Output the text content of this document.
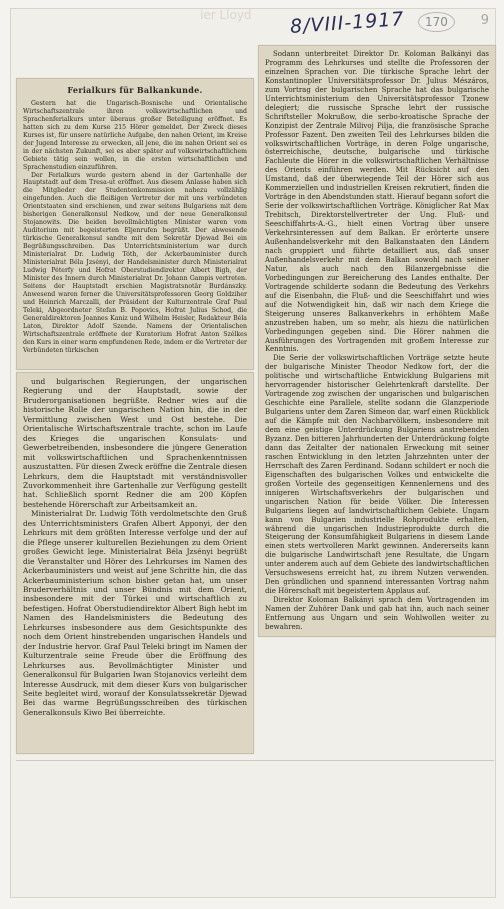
9
ier Lloyd 8/VIII-1917	170
Ferialkurs für Balkankunde.

Gestern hat die Ungarisch-Bosnische und Orientalische Wirtschaftszentrale ihren volkswirtschaftlichen und Sprachenferialkurs unter überaus großer Beteiligung eröffnet. Es hatten sich zu dem Kurse 215 Hörer gemeldet. Der Zweck dieses Kurses ist, für unsere natürliche Aufgabe, den nahen Orient, im Kreise der Jugend Interesse zu erwecken, all jene, die im nahen Orient sei es in der nächsten Zukunft, sei es aber später auf volkswirtschaftlichem Gebiete tätig sein wollen, in die ersten wirtschaftlichen und Sprachenstudien einzuführen.

Der Ferialkurs wurde gestern abend in der Gartenhalle der Hauptstadt auf dem Tresa-ut eröffnet. Aus diesem Anlasse haben sich die Mitglieder der Studentenkommission nahezu vollzählig eingefunden. Auch die fleißigen Vertreter der mit uns verbündeten Orientstaaten sind erschienen, und zwar seitens Bulgariens mit dem bisherigen Generalkonsul Nedkow, und der neue Generalkonsul Stojanowits. Die beiden bevollmächtigten Minister waren vom Auditorium mit begeisterten Eljenrufen begrüßt. Der abwesende türkische Generalkonsul sandte mit dem Sekretär Djewad Bei ein Begrüßungsschreiben. Das Unterrichtsministerium war durch Ministerialrat Dr. Ludwig Tóth, der Ackerbauminister durch Ministerialrat Béla Jzsényi, der Handelsminister durch Ministerialrat Ludwig Péterfy und Hofrat Oberstudiendirektor Albert Bigh, der Minister des Innern durch Ministerialrat Dr. Johann Gampis vertreten. Seitens der Hauptstadt erschien Magistratsnotär Burdánszky. Anwesend waren ferner die Universitätsprofessoren Georg Goldziher und Heinrich Marczalli, der Präsident der Kulturzentrale Graf Paul Teleki, Abgeordneter Stefan B. Popovics, Hofrat Julius Schod, die Generaldirektoren Joannes Kaniz und Wilhelm Heisler, Redakteur Béla Laton, Direktor Adolf Szende. Namens der Orientalischen Wirtschaftszentrale eröffnete der Kuratorium Hofrat Anton Szélkes den Kurs in einer warm empfundenen Rede, indem er die Vertreter der Verbündeten türkischen

Sodann unterbreitet Direktor Dr. Koloman Balkányi das Programm des Lehrkurses und stellte die Professoren der einzelnen Sprachen vor. Die türkische Sprache lehrt der Konstantinopler Universitätsprofessor Dr. Julius Mészáros, zum Vortrag der bulgarischen Sprache hat das bulgarische Unterrichtsministerium den Universitätsprofessor Tzonew delegiert; die russische Sprache lehrt der russische Schriftsteller Mokrußow, die serbo-kroatische Sprache der Konzipist der Zentrale Milivoj Pilja, die französische Sprache Professor Fazent. Den zweiten Teil des Lehrkurses bilden die volkswirtschaftlichen Vorträge, in deren Folge ungarische, österreichische, deutsche, bulgarische und türkische Fachleute die Hörer in die volkswirtschaftlichen Verhältnisse des Orients einführen werden. Mit Rücksicht auf den Umstand, daß der überwiegende Teil der Hörer sich aus Kommerziellen und industriellen Kreisen rekrutiert, finden die Vorträge in den Abendstunden statt. Hierauf begann sofort die Serie der volkswirtschaftlichen Vorträge. Königlicher Rat Max Trebitsch, Direktorstellvertreter der Ung. Fluß- und Seeschiffahrts-A.-G., hielt einen Vortrag über unsere Verkehrsinteressen auf dem Balkan. Er erörterte unsere Außenhandelsverkehr mit den Balkanstaaten den Ländern nach gruppiert und führte detailliert aus, daß unser Außenhandelsverkehr mit dem Balkan sowohl nach seiner Natur, als auch nach den Bilanzergebnisse die Vorbedingungen zur Bereicherung des Landes enthalte. Der Vortragende schilderte sodann die Bedeutung des Verkehrs auf die Eisenbahn, die Fluß- und die Seeschiffahrt und wies auf die Notwendigkeit hin, daß wir nach dem Kriege die Steigerung unseres Balkanverkehrs in erhöhtem Maße anzustreben haben, um so mehr, als hiezu die natürlichen Vorbedingungen gegeben sind. Die Hörer nahmen die Ausführungen des Vortragenden mit großem Interesse zur Kenntnis.

Die Serie der volkswirtschaftlichen Vorträge setzte heute der bulgarische Minister Theodor Nedkow fort, der die politische und wirtschaftliche Entwicklung Bulgariens mit hervorragender historischer Gelehrtenkraft darstellte. Der Vortragende zog zwischen der ungarischen und bulgarischen Geschichte eine Parallele, stellte sodann die Glanzperiode Bulgariens unter dem Zaren Simeon dar, warf einen Rückblick auf die Kämpfe mit den Nachbarvölkern, insbesondere mit dem eine geistige Unterdrückung Bulgariens anstrebenden Byzanz. Den bitteren Jahrhunderten der Unterdrückung folgte dann das Zeitalter der nationalen Erweckung mit seiner raschen Entwicklung in den letzten Jahrzehnten unter der Herrschaft des Zaren Ferdinand. Sodann schildert er noch die Eigenschaften des bulgarischen Volkes und entwickelte die großen Vorteile des gegenseitigen Kennenlernens und des innigeren Wirtschaftsverkehrs der bulgarischen und ungarischen Nation für beide Völker. Die Interessen Bulgariens liegen auf landwirtschaftlichem Gebiete. Ungarn kann von Bulgarien industrielle Rohprodukte erhalten, während die ungarischen Industrieprodukte durch die Steigerung der Konsumfähigkeit Bulgariens in diesem Lande einen stets wertvolleren Markt gewinnen. Andererseits kann die bulgarische Landwirtschaft jene Resultate, die Ungarn unter anderem auch auf dem Gebiete des landwirtschaftlichen Versuchswesens erreicht hat, zu ihrem Nutzen verwenden. Den gründlichen und spannend interessanten Vortrag nahm die Hörerschaft mit begeistertem Applaus auf.

Direktor Koloman Balkányi sprach dem Vortragenden im Namen der Zuhörer Dank und gab hat ihn, auch nach seiner Entfernung aus Ungarn und sein Wohlwollen weiter zu bewahren.

und bulgarischen Regierungen, der ungarischen Regierung und der Hauptstadt, sowie der Bruderorganisationen begrüßte. Redner wies auf die historische Rolle der ungarischen Nation hin, die in der Vermittlung zwischen West und Ost bestehe. Die Orientalische Wirtschaftszentrale trachte, schon im Laufe des Krieges die ungarischen Konsulats- und Gewerbetreibenden, insbesondere die jüngere Generation mit volkswirtschaftlichen und Sprachenkenntnissen auszustatten. Für diesen Zweck eröffne die Zentrale diesen Lehrkurs, dem die Hauptstadt mit verständnisvoller Zuvorkommenheit ihre Gartenhalle zur Verfügung gestellt hat. Schließlich spornt Redner die am 200 Köpfen bestehende Hörerschaft zur Arbeitsamkeit an.

Ministerialrat Dr. Ludwig Tóth verdolmetschte den Gruß des Unterrichtsministers Grafen Albert Apponyi, der den Lehrkurs mit dem größten Interesse verfolge und der auf die Pflege unserer kulturellen Beziehungen zu dem Orient großes Gewicht lege. Ministerialrat Béla Jzsényi begrüßt die Veranstalter und Hörer des Lehrkurses im Namen des Ackerbauministers und weist auf jene Schritte hin, die das Ackerbauministerium schon bisher getan hat, um unser Bruderverhältnis und unser Bündnis mit dem Orient, insbesondere mit der Türkei und wirtschaftlich zu befestigen. Hofrat Oberstudiendirektor Albert Bigh hebt im Namen des Handelsministers die Bedeutung des Lehrkurses insbesondere aus dem Gesichtspunkte des noch dem Orient hinstrebenden ungarischen Handels und der Industrie hervor. Graf Paul Teleki bringt im Namen der Kulturzentrale seine Freude über die Eröffnung des Lehrkurses aus. Bevollmächtigter Minister und Generalkonsul für Bulgarien Iwan Stojanovics verleiht dem Interesse Ausdruck, mit dem dieser Kurs von bulgarischer Seite begleitet wird, worauf der Konsulatssekretär Djewad Bei das warme Begrüßungsschreiben des türkischen Generalkonsuls Kiwo Bei überreichte.
